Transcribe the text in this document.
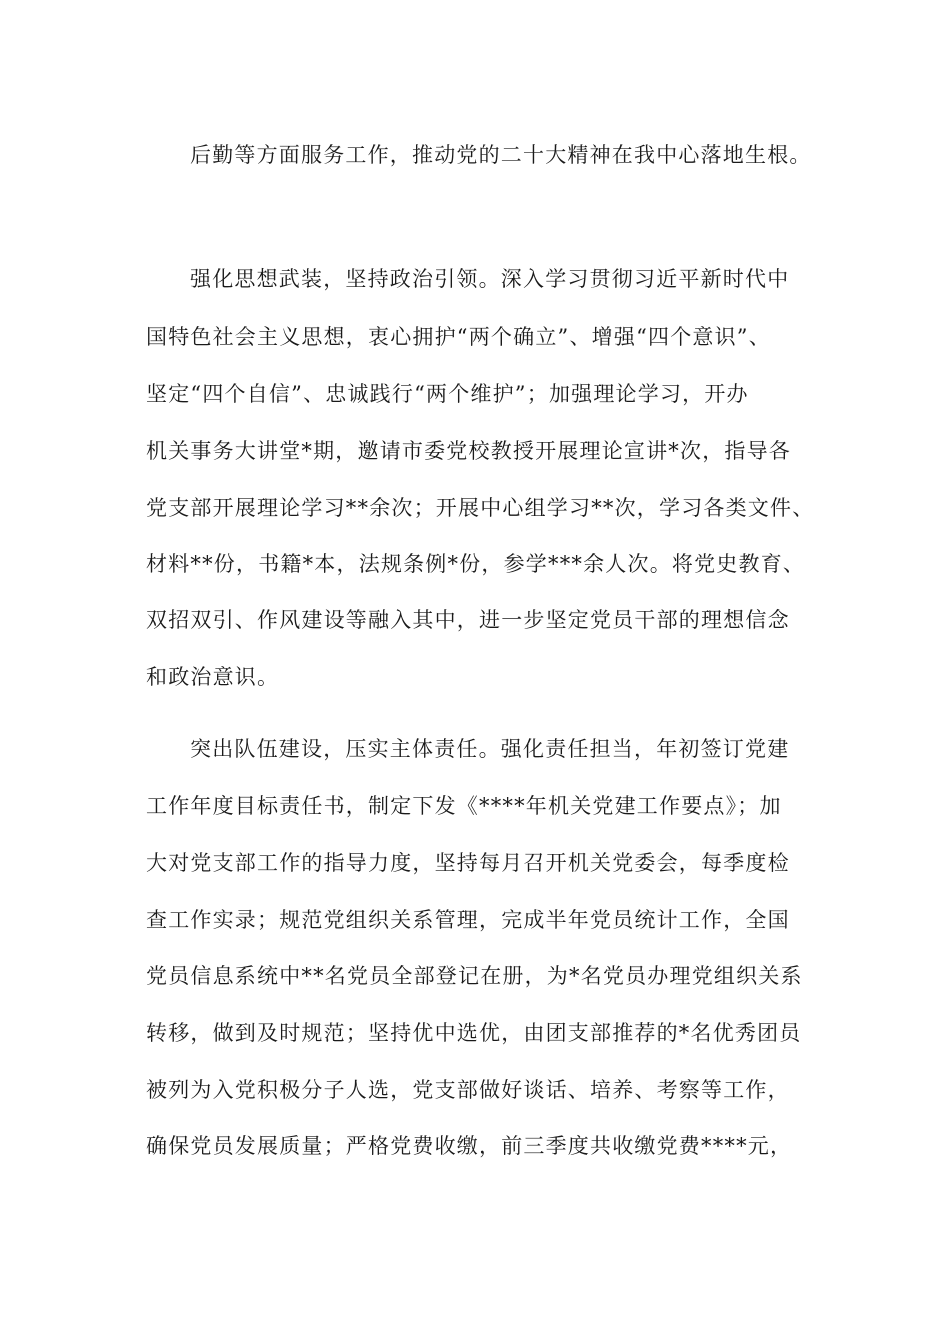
后勤等方面服务工作，推动党的二十大精神在我中心落地生根。
强化思想武装，坚持政治引领。深入学习贯彻习近平新时代中
国特色社会主义思想，衷心拥护“两个确立”、增强“四个意识”、
坚定“四个自信”、忠诚践行“两个维护”；加强理论学习，开办
机关事务大讲堂*期，邀请市委党校教授开展理论宣讲*次，指导各
党支部开展理论学习**余次；开展中心组学习**次，学习各类文件、
材料**份，书籍*本，法规条例*份，参学***余人次。将党史教育、
双招双引、作风建设等融入其中，进一步坚定党员干部的理想信念
和政治意识。
突出队伍建设，压实主体责任。强化责任担当，年初签订党建
工作年度目标责任书，制定下发《****年机关党建工作要点》；加
大对党支部工作的指导力度，坚持每月召开机关党委会，每季度检
查工作实录；规范党组织关系管理，完成半年党员统计工作，全国
党员信息系统中**名党员全部登记在册，为*名党员办理党组织关系
转移，做到及时规范；坚持优中选优，由团支部推荐的*名优秀团员
被列为入党积极分子人选，党支部做好谈话、培养、考察等工作，
确保党员发展质量；严格党费收缴，前三季度共收缴党费****元，
